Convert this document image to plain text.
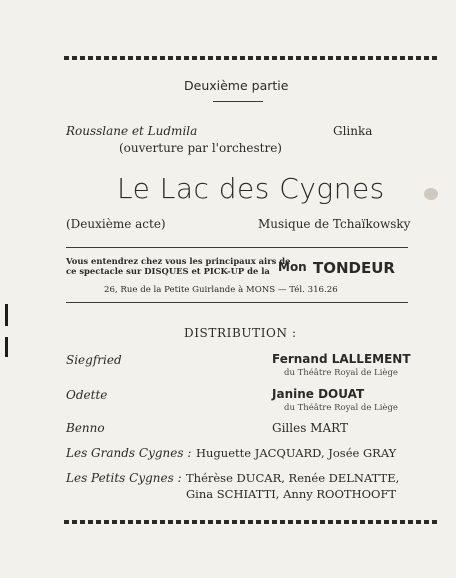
Deuxième partie
Rousslane et Ludmila	Glinka
(ouverture par l'orchestre)
Le Lac des Cygnes
(Deuxième acte)	Musique de Tchaïkowsky
Vous entendrez chez vous les principaux airs de
ce spectacle sur DISQUES et PICK-UP de la Mon TONDEUR
26, Rue de la Petite Guirlande à MONS — Tél. 316.26
DISTRIBUTION :
Siegfried	Fernand LALLEMENT
du Théâtre Royal de Liège
Odette	Janine DOUAT
du Théâtre Royal de Liège
Benno	Gilles MART
Les Grands Cygnes : Huguette JACQUARD, Josée GRAY
Les Petits Cygnes : Thérèse DUCAR, Renée DELNATTE,
Gina SCHIATTI, Anny ROOTHOOFT
